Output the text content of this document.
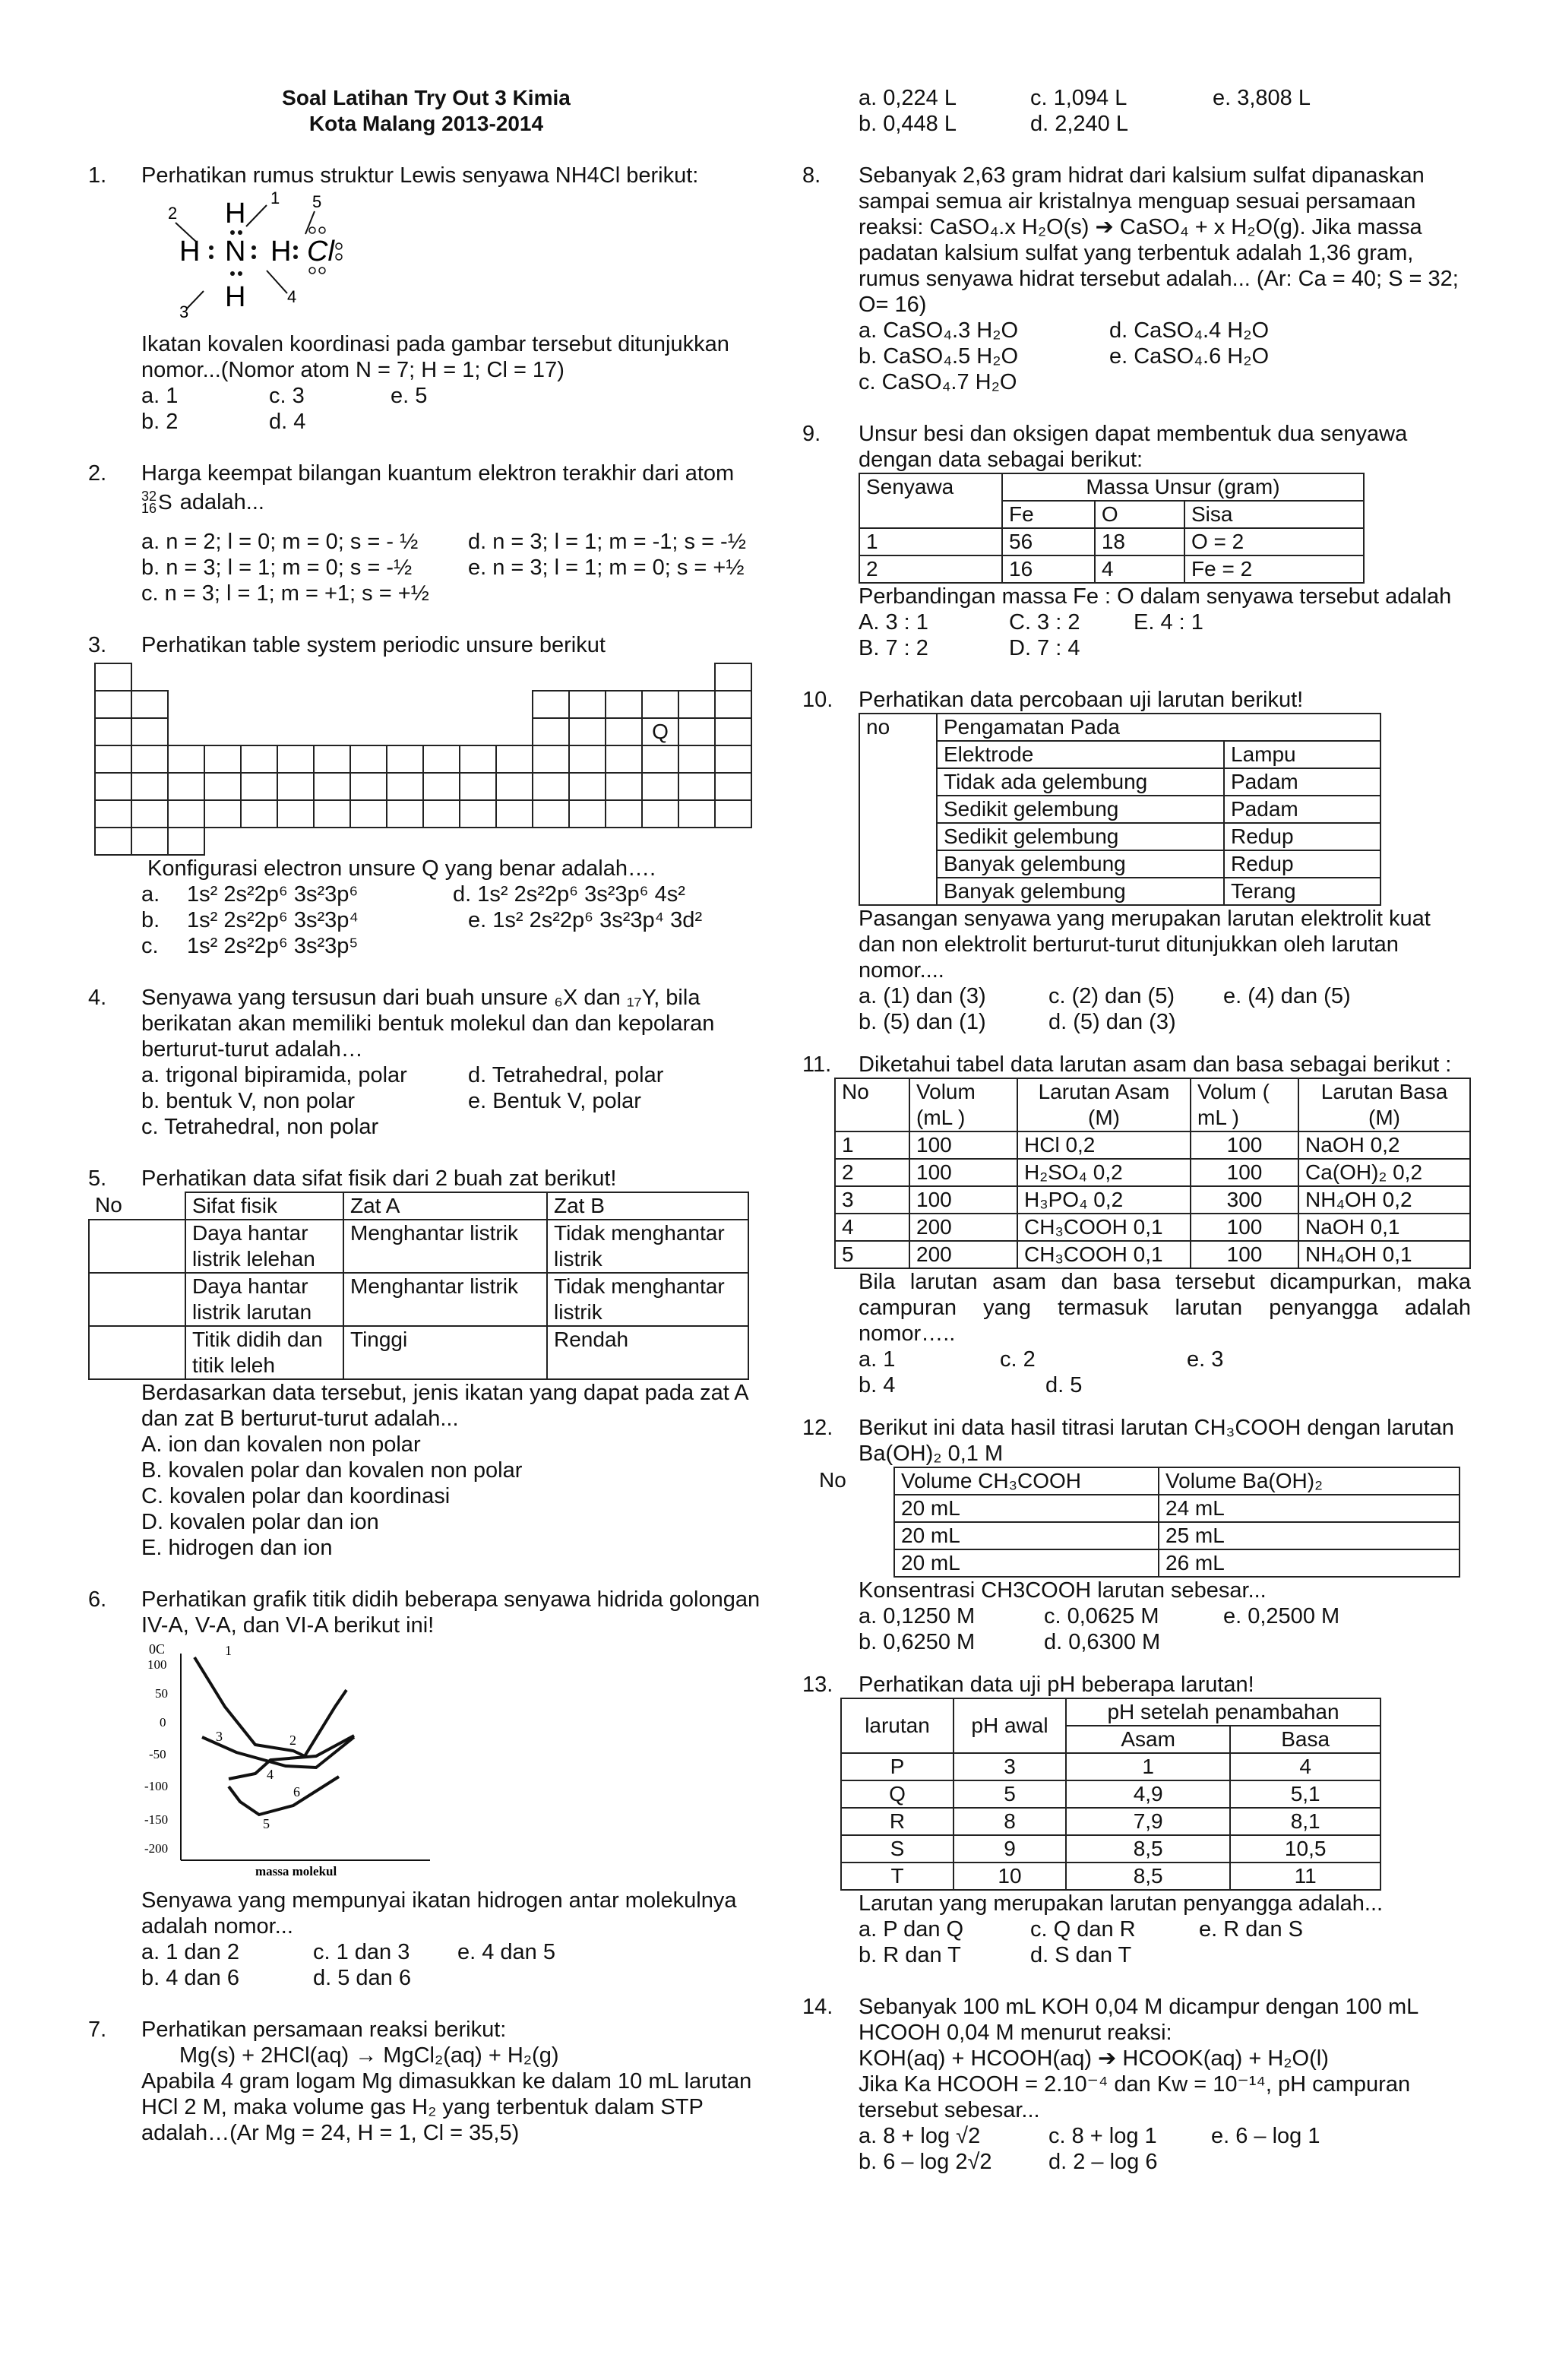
Soal Latihan Try Out 3 Kimia
Kota Malang 2013-2014
1.	Perhatikan rumus struktur Lewis senyawa NH4Cl berikut:
H
H N H Cl
H
1
2
3
4
5
Ikatan kovalen koordinasi pada gambar tersebut ditunjukkan nomor...(Nomor atom N = 7; H = 1; Cl = 17)
a. 1	c. 3	e. 5
b. 2	d. 4
2.	Harga keempat bilangan kuantum elektron terakhir dari atom
32
16 S adalah...
a. n = 2; l = 0; m = 0; s = - ½	d. n = 3; l = 1; m = -1; s = -½
b. n = 3; l = 1; m = 0; s = -½	e. n = 3; l = 1; m = 0; s = +½
c. n = 3; l = 1; m = +1; s = +½
3.	Perhatikan table system periodic unsure berikut

															Q		

Konfigurasi electron unsure Q yang benar adalah….
a.	1s² 2s²2p⁶ 3s²3p⁶	d. 1s² 2s²2p⁶ 3s²3p⁶ 4s²
b.	1s² 2s²2p⁶ 3s²3p⁴	e. 1s² 2s²2p⁶ 3s²3p⁴ 3d²
c.	1s² 2s²2p⁶ 3s²3p⁵
4.	Senyawa yang tersusun dari buah unsure ₆X dan ₁₇Y, bila berikatan akan memiliki bentuk molekul dan dan kepolaran berturut-turut adalah…
a. trigonal bipiramida, polar	d. Tetrahedral, polar
b. bentuk V, non polar	e. Bentuk V, polar
c. Tetrahedral, non polar
5.	Perhatikan data sifat fisik dari 2 buah zat berikut!
No	Sifat fisik	Zat A	Zat B
	Daya hantar listrik lelehan	Menghantar listrik	Tidak menghantar listrik
	Daya hantar listrik larutan	Menghantar listrik	Tidak menghantar listrik
	Titik didih dan titik leleh	Tinggi	Rendah
Berdasarkan data tersebut, jenis ikatan yang dapat pada zat A dan zat B berturut-turut adalah...
A. ion dan kovalen non polar
B. kovalen polar dan kovalen non polar
C. kovalen polar dan koordinasi
D. kovalen polar dan ion
E. hidrogen dan ion
6.	Perhatikan grafik titik didih beberapa senyawa hidrida golongan IV-A, V-A, dan VI-A berikut ini!
0C
100
50
0
-50
-100
-150
-200
massa molekul
1
2
3
4
5
6
Senyawa yang mempunyai ikatan hidrogen antar molekulnya adalah nomor...
a. 1 dan 2	c. 1 dan 3	e. 4 dan 5
b. 4 dan 6	d. 5 dan 6
7.	Perhatikan persamaan reaksi berikut:
Mg(s) + 2HCl(aq) → MgCl₂(aq) + H₂(g)
Apabila 4 gram logam Mg dimasukkan ke dalam 10 mL larutan HCl 2 M, maka volume gas H₂ yang terbentuk dalam STP adalah…(Ar Mg = 24, H = 1, Cl = 35,5)
a. 0,224 L	c. 1,094 L	e. 3,808 L
b. 0,448 L	d. 2,240 L
8.	Sebanyak 2,63 gram hidrat dari kalsium sulfat dipanaskan sampai semua air kristalnya menguap sesuai persamaan reaksi: CaSO₄.x H₂O(s) ➔ CaSO₄ + x H₂O(g). Jika massa padatan kalsium sulfat yang terbentuk adalah 1,36 gram, rumus senyawa hidrat tersebut adalah... (Ar: Ca = 40; S = 32; O= 16)
a. CaSO₄.3 H₂O	d. CaSO₄.4 H₂O
b. CaSO₄.5 H₂O	e. CaSO₄.6 H₂O
c. CaSO₄.7 H₂O
9.	Unsur besi dan oksigen dapat membentuk dua senyawa dengan data sebagai berikut:
Senyawa	Massa Unsur (gram)		
	Fe	O	Sisa
1	56	18	O = 2
2	16	4	Fe = 2
Perbandingan massa Fe : O dalam senyawa tersebut adalah
A. 3 : 1	C. 3 : 2	E. 4 : 1
B. 7 : 2	D. 7 : 4
10.	Perhatikan data percobaan uji larutan berikut!
no	Pengamatan Pada	
	Elektrode	Lampu
	Tidak ada gelembung	Padam
	Sedikit gelembung	Padam
	Sedikit gelembung	Redup
	Banyak gelembung	Redup
	Banyak gelembung	Terang
Pasangan senyawa yang merupakan larutan elektrolit kuat dan non elektrolit berturut-turut ditunjukkan oleh larutan nomor....
a. (1) dan (3)	c. (2) dan (5)	e. (4) dan (5)
b. (5) dan (1)	d. (5) dan (3)
11.	Diketahui tabel data larutan asam dan basa sebagai berikut :
No	Volum (mL )	Larutan Asam (M)	Volum ( mL )	Larutan Basa (M)
1	100	HCl 0,2	100	NaOH 0,2
2	100	H₂SO₄ 0,2	100	Ca(OH)₂ 0,2
3	100	H₃PO₄ 0,2	300	NH₄OH 0,2
4	200	CH₃COOH 0,1	100	NaOH 0,1
5	200	CH₃COOH 0,1	100	NH₄OH 0,1
Bila larutan asam dan basa tersebut dicampurkan, maka campuran yang termasuk larutan penyangga adalah nomor…..
a. 1	c. 2	e. 3
b. 4	d. 5
12.	Berikut ini data hasil titrasi larutan CH₃COOH dengan larutan Ba(OH)₂ 0,1 M
No	Volume CH₃COOH	Volume Ba(OH)₂
	20 mL	24 mL
	20 mL	25 mL
	20 mL	26 mL
Konsentrasi CH3COOH larutan sebesar...
a. 0,1250 M	c. 0,0625 M	e. 0,2500 M
b. 0,6250 M	d. 0,6300 M
13.	Perhatikan data uji pH beberapa larutan!
larutan	pH awal	pH setelah penambahan	
		Asam	Basa
P	3	1	4
Q	5	4,9	5,1
R	8	7,9	8,1
S	9	8,5	10,5
T	10	8,5	11
Larutan yang merupakan larutan penyangga adalah...
a. P dan Q	c. Q dan R	e. R dan S
b. R dan T	d. S dan T
14.	Sebanyak 100 mL KOH 0,04 M dicampur dengan 100 mL HCOOH 0,04 M menurut reaksi:
KOH(aq) + HCOOH(aq) ➔ HCOOK(aq) + H₂O(l)
Jika Ka HCOOH = 2.10⁻⁴ dan Kw = 10⁻¹⁴, pH campuran tersebut sebesar...
a. 8 + log √2	c. 8 + log 1	e. 6 – log 1
b. 6 – log 2√2	d. 2 – log 6
